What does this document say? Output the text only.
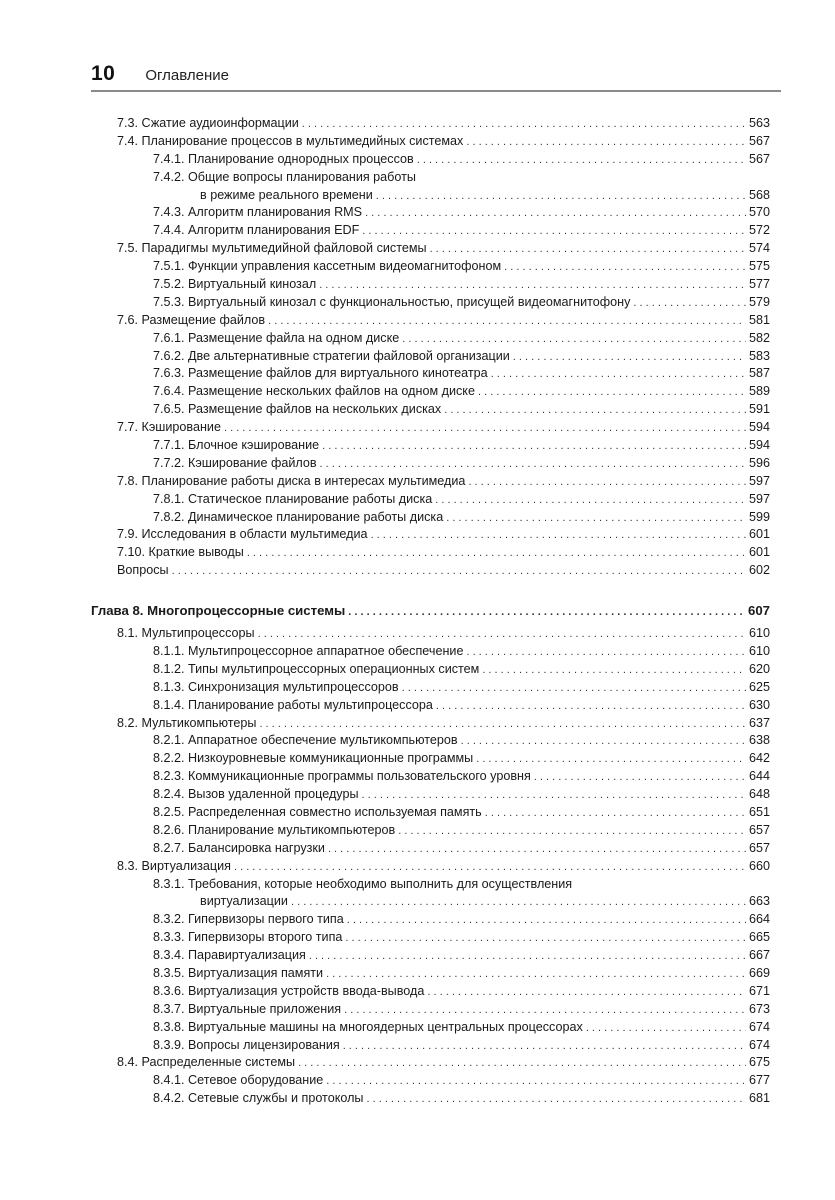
10 Оглавление
7.3. Сжатие аудиоинформации . . .	563
7.4. Планирование процессов в мультимедийных системах . . .	567
7.4.1. Планирование однородных процессов . . .	567
7.4.2. Общие вопросы планирования работы
в режиме реального времени . . .	568
7.4.3. Алгоритм планирования RMS . . .	570
7.4.4. Алгоритм планирования EDF . . .	572
7.5. Парадигмы мультимедийной файловой системы . . .	574
7.5.1. Функции управления кассетным видеомагнитофоном . . .	575
7.5.2. Виртуальный кинозал . . .	577
7.5.3. Виртуальный кинозал с функциональностью, присущей видеомагнитофону . . .	579
7.6. Размещение файлов . . .	581
7.6.1. Размещение файла на одном диске . . .	582
7.6.2. Две альтернативные стратегии файловой организации . . .	583
7.6.3. Размещение файлов для виртуального кинотеатра . . .	587
7.6.4. Размещение нескольких файлов на одном диске . . .	589
7.6.5. Размещение файлов на нескольких дисках . . .	591
7.7. Кэширование . . .	594
7.7.1. Блочное кэширование . . .	594
7.7.2. Кэширование файлов . . .	596
7.8. Планирование работы диска в интересах мультимедиа . . .	597
7.8.1. Статическое планирование работы диска . . .	597
7.8.2. Динамическое планирование работы диска . . .	599
7.9. Исследования в области мультимедиа . . .	601
7.10. Краткие выводы . . .	601
Вопросы . . .	602
Глава 8. Многопроцессорные системы . . .	607
8.1. Мультипроцессоры . . .	610
8.1.1. Мультипроцессорное аппаратное обеспечение . . .	610
8.1.2. Типы мультипроцессорных операционных систем . . .	620
8.1.3. Синхронизация мультипроцессоров . . .	625
8.1.4. Планирование работы мультипроцессора . . .	630
8.2. Мультикомпьютеры . . .	637
8.2.1. Аппаратное обеспечение мультикомпьютеров . . .	638
8.2.2. Низкоуровневые коммуникационные программы . . .	642
8.2.3. Коммуникационные программы пользовательского уровня . . .	644
8.2.4. Вызов удаленной процедуры . . .	648
8.2.5. Распределенная совместно используемая память . . .	651
8.2.6. Планирование мультикомпьютеров . . .	657
8.2.7. Балансировка нагрузки . . .	657
8.3. Виртуализация . . .	660
8.3.1. Требования, которые необходимо выполнить для осуществления
виртуализации . . .	663
8.3.2. Гипервизоры первого типа . . .	664
8.3.3. Гипервизоры второго типа . . .	665
8.3.4. Паравиртуализация . . .	667
8.3.5. Виртуализация памяти . . .	669
8.3.6. Виртуализация устройств ввода-вывода . . .	671
8.3.7. Виртуальные приложения . . .	673
8.3.8. Виртуальные машины на многоядерных центральных процессорах . . .	674
8.3.9. Вопросы лицензирования . . .	674
8.4. Распределенные системы . . .	675
8.4.1. Сетевое оборудование . . .	677
8.4.2. Сетевые службы и протоколы . . .	681
